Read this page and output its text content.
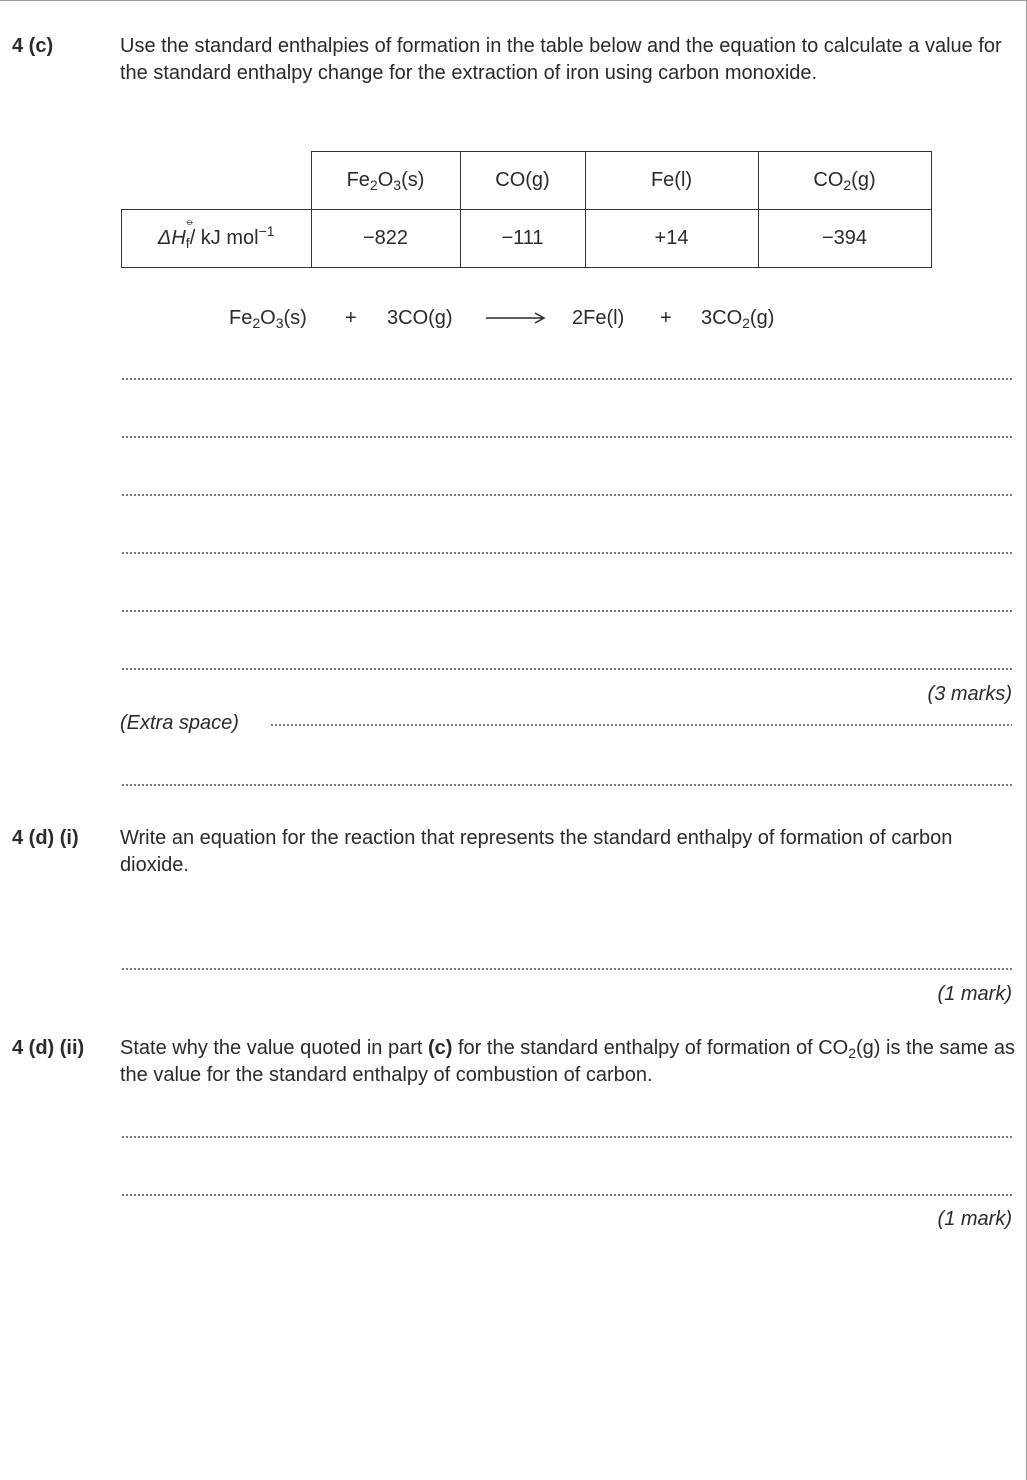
4 (c)	Use the standard enthalpies of formation in the table below and the equation to calculate a value for the standard enthalpy change for the extraction of iron using carbon monoxide.
	$Fe_2O_3(s)$	CO(g)	Fe(l)	$CO_2(g)$
ΔH
⦵
$_f$/ kJ mol$^{-1}$	−822	−111	+14	−394
$Fe_2O_3(s) + 3CO(g)$	$2Fe(l) + 3CO_2(g)$
(3 marks)
(Extra space)
4 (d) (i) Write an equation for the reaction that represents the standard enthalpy of formation of carbon dioxide.
(1 mark)
4 (d) (ii) State why the value quoted in part (c) for the standard enthalpy of formation of $CO_2(g)$ is the same as the value for the standard enthalpy of combustion of carbon.
(1 mark)
